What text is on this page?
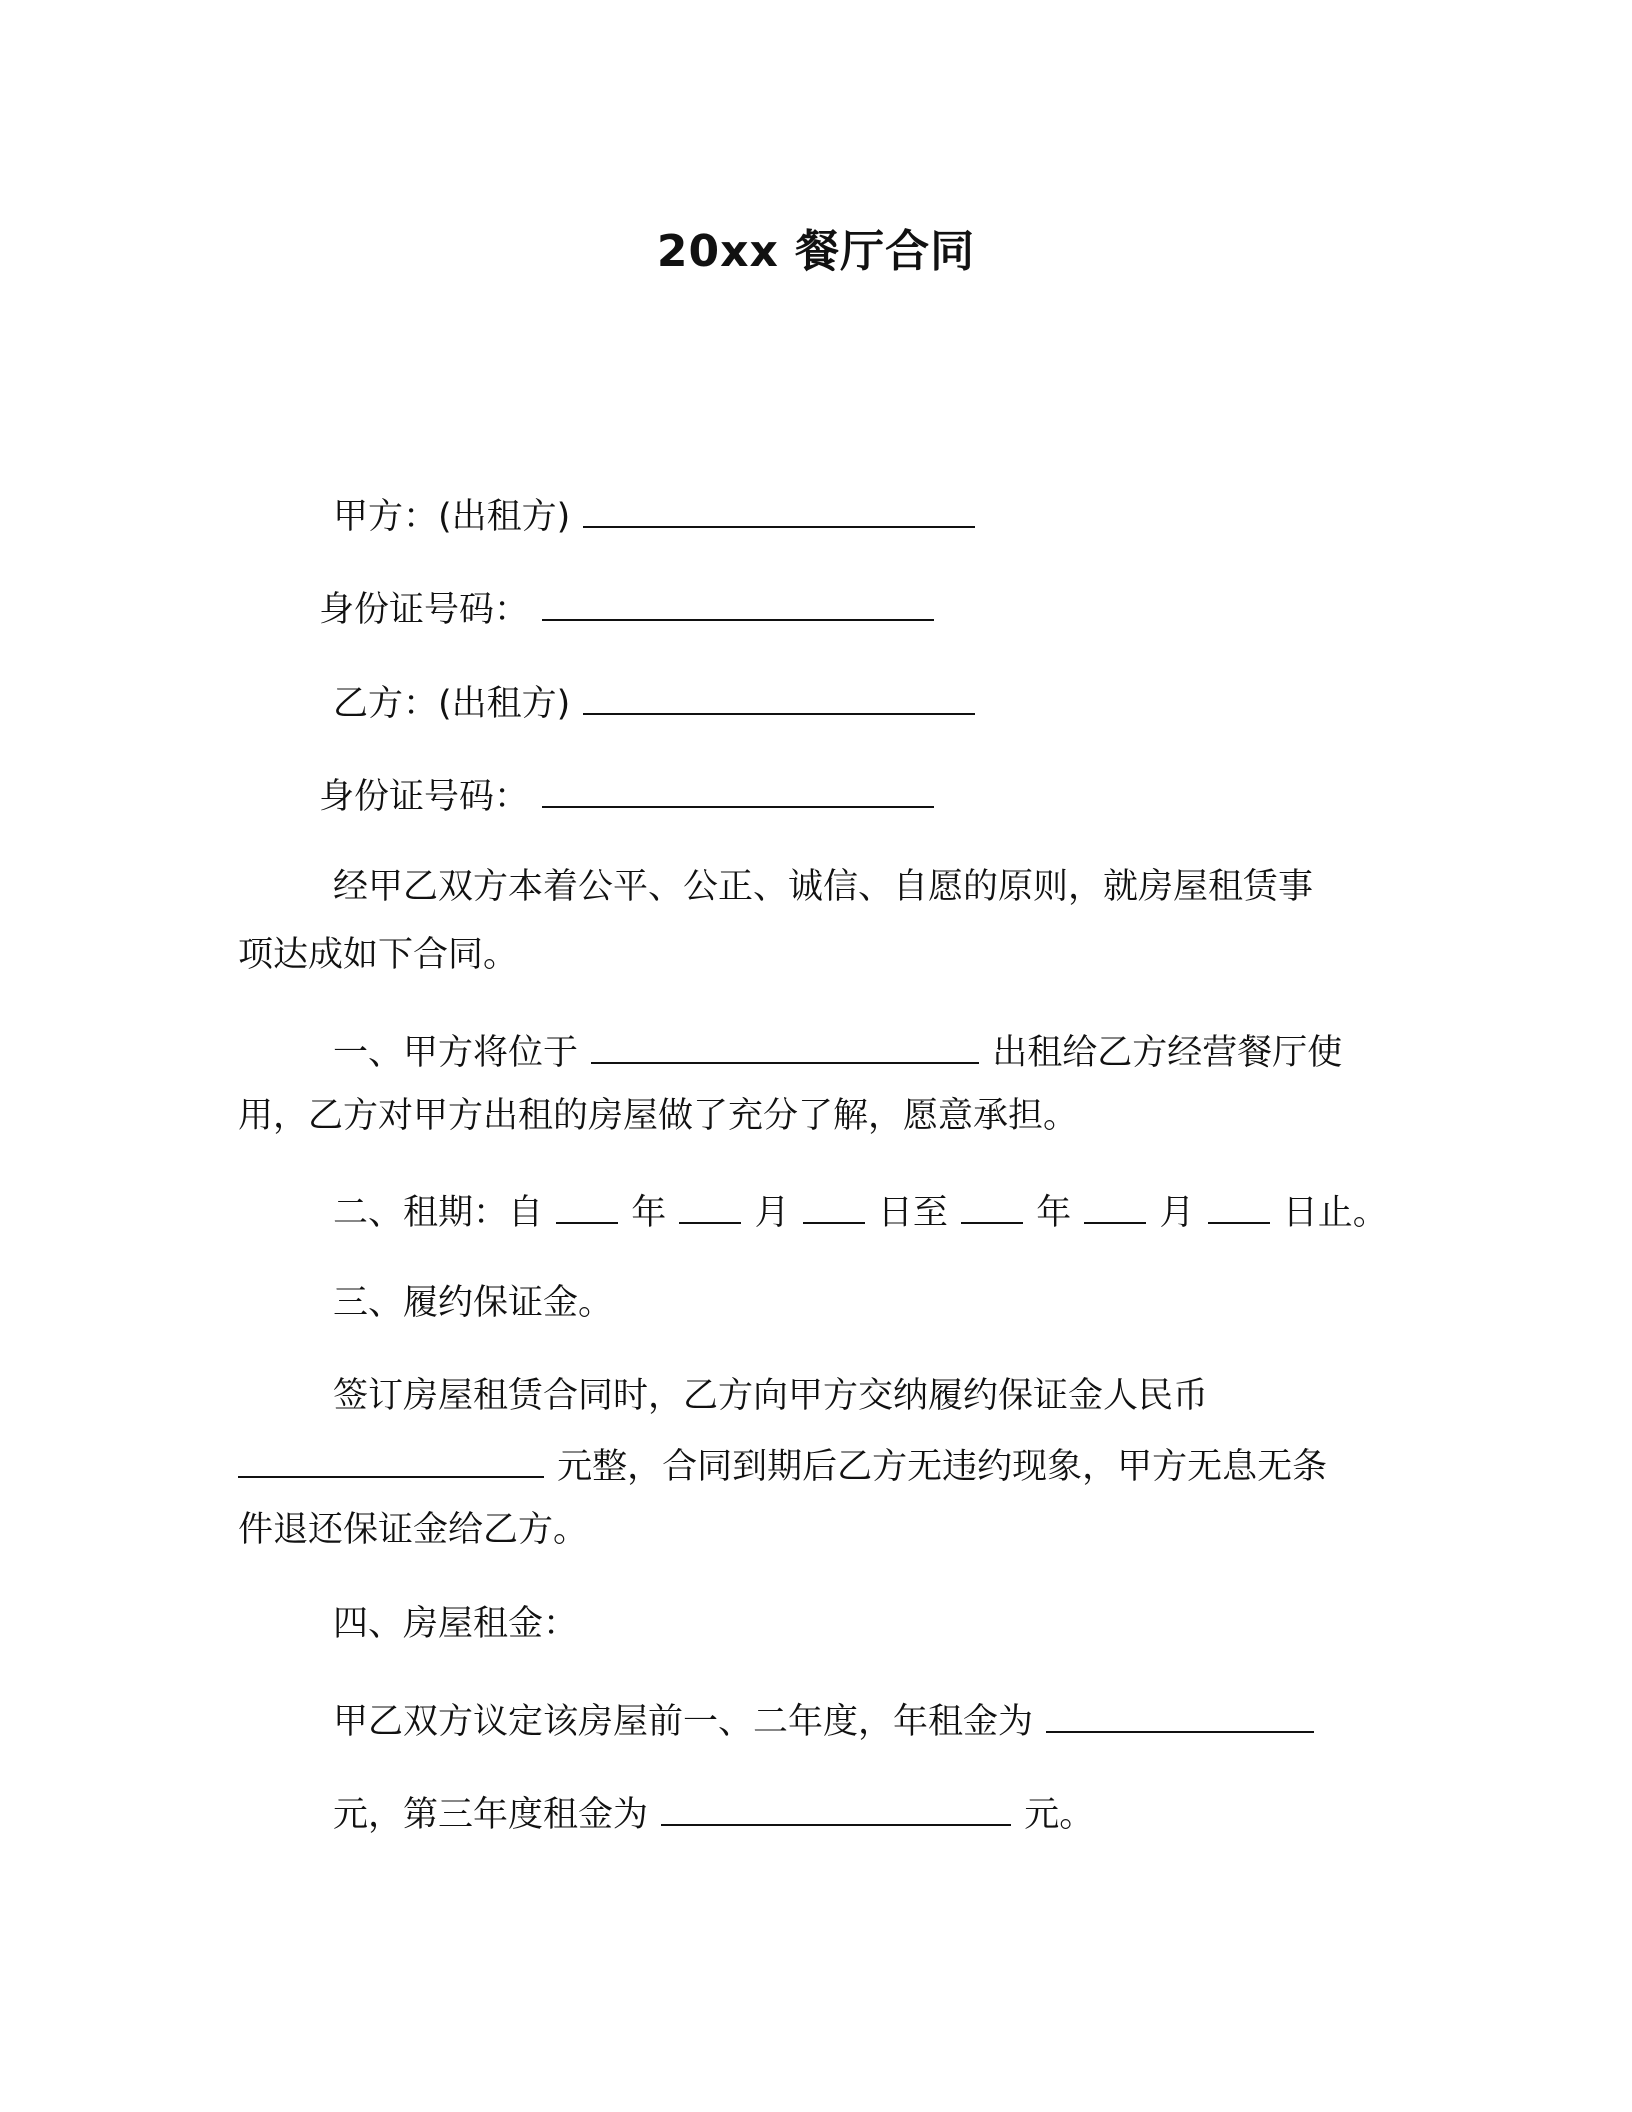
20xx 餐厅合同

甲方：(出租方)

身份证号码：

乙方：(出租方)

身份证号码：

经甲乙双方本着公平、公正、诚信、自愿的原则，就房屋租赁事

项达成如下合同。

一、甲方将位于	出租给乙方经营餐厅使

用，乙方对甲方出租的房屋做了充分了解，愿意承担。

二、租期：自	年	月	日至	年	月	日止。

三、履约保证金。

签订房屋租赁合同时，乙方向甲方交纳履约保证金人民币

元整，合同到期后乙方无违约现象，甲方无息无条

件退还保证金给乙方。

四、房屋租金：

甲乙双方议定该房屋前一、二年度，年租金为

元，第三年度租金为	元。
